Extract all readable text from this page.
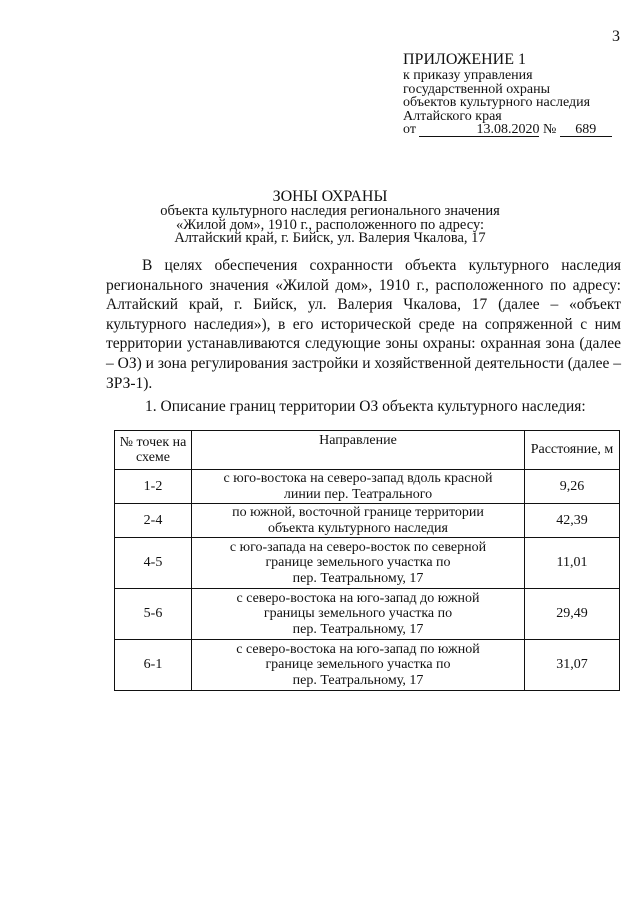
3
ПРИЛОЖЕНИЕ 1
к приказу управления
государственной охраны
объектов культурного наследия
Алтайского края
от	13.08.2020 № 689
ЗОНЫ ОХРАНЫ
объекта культурного наследия регионального значения
«Жилой дом», 1910 г., расположенного по адресу:
Алтайский край, г. Бийск, ул. Валерия Чкалова, 17

В целях обеспечения сохранности объекта культурного наследия регионального значения «Жилой дом», 1910 г., расположенного по адресу: Алтайский край, г. Бийск, ул. Валерия Чкалова, 17 (далее – «объект культурного наследия»), в его исторической среде на сопряженной с ним территории устанавливаются следующие зоны охраны: охранная зона (далее – ОЗ) и зона регулирования застройки и хозяйственной деятельности (далее – ЗРЗ-1).

1. Описание границ территории ОЗ объекта культурного наследия:
№ точек на схеме	Направление	Расстояние, м
1-2	с юго-востока на северо-запад вдоль красной
линии пер. Театрального	9,26
2-4	по южной, восточной границе территории
объекта культурного наследия	42,39
4-5	с юго-запада на северо-восток по северной
границе земельного участка по
пер. Театральному, 17	11,01
5-6	с северо-востока на юго-запад до южной
границы земельного участка по
пер. Театральному, 17	29,49
6-1	с северо-востока на юго-запад по южной
границе земельного участка по
пер. Театральному, 17	31,07
